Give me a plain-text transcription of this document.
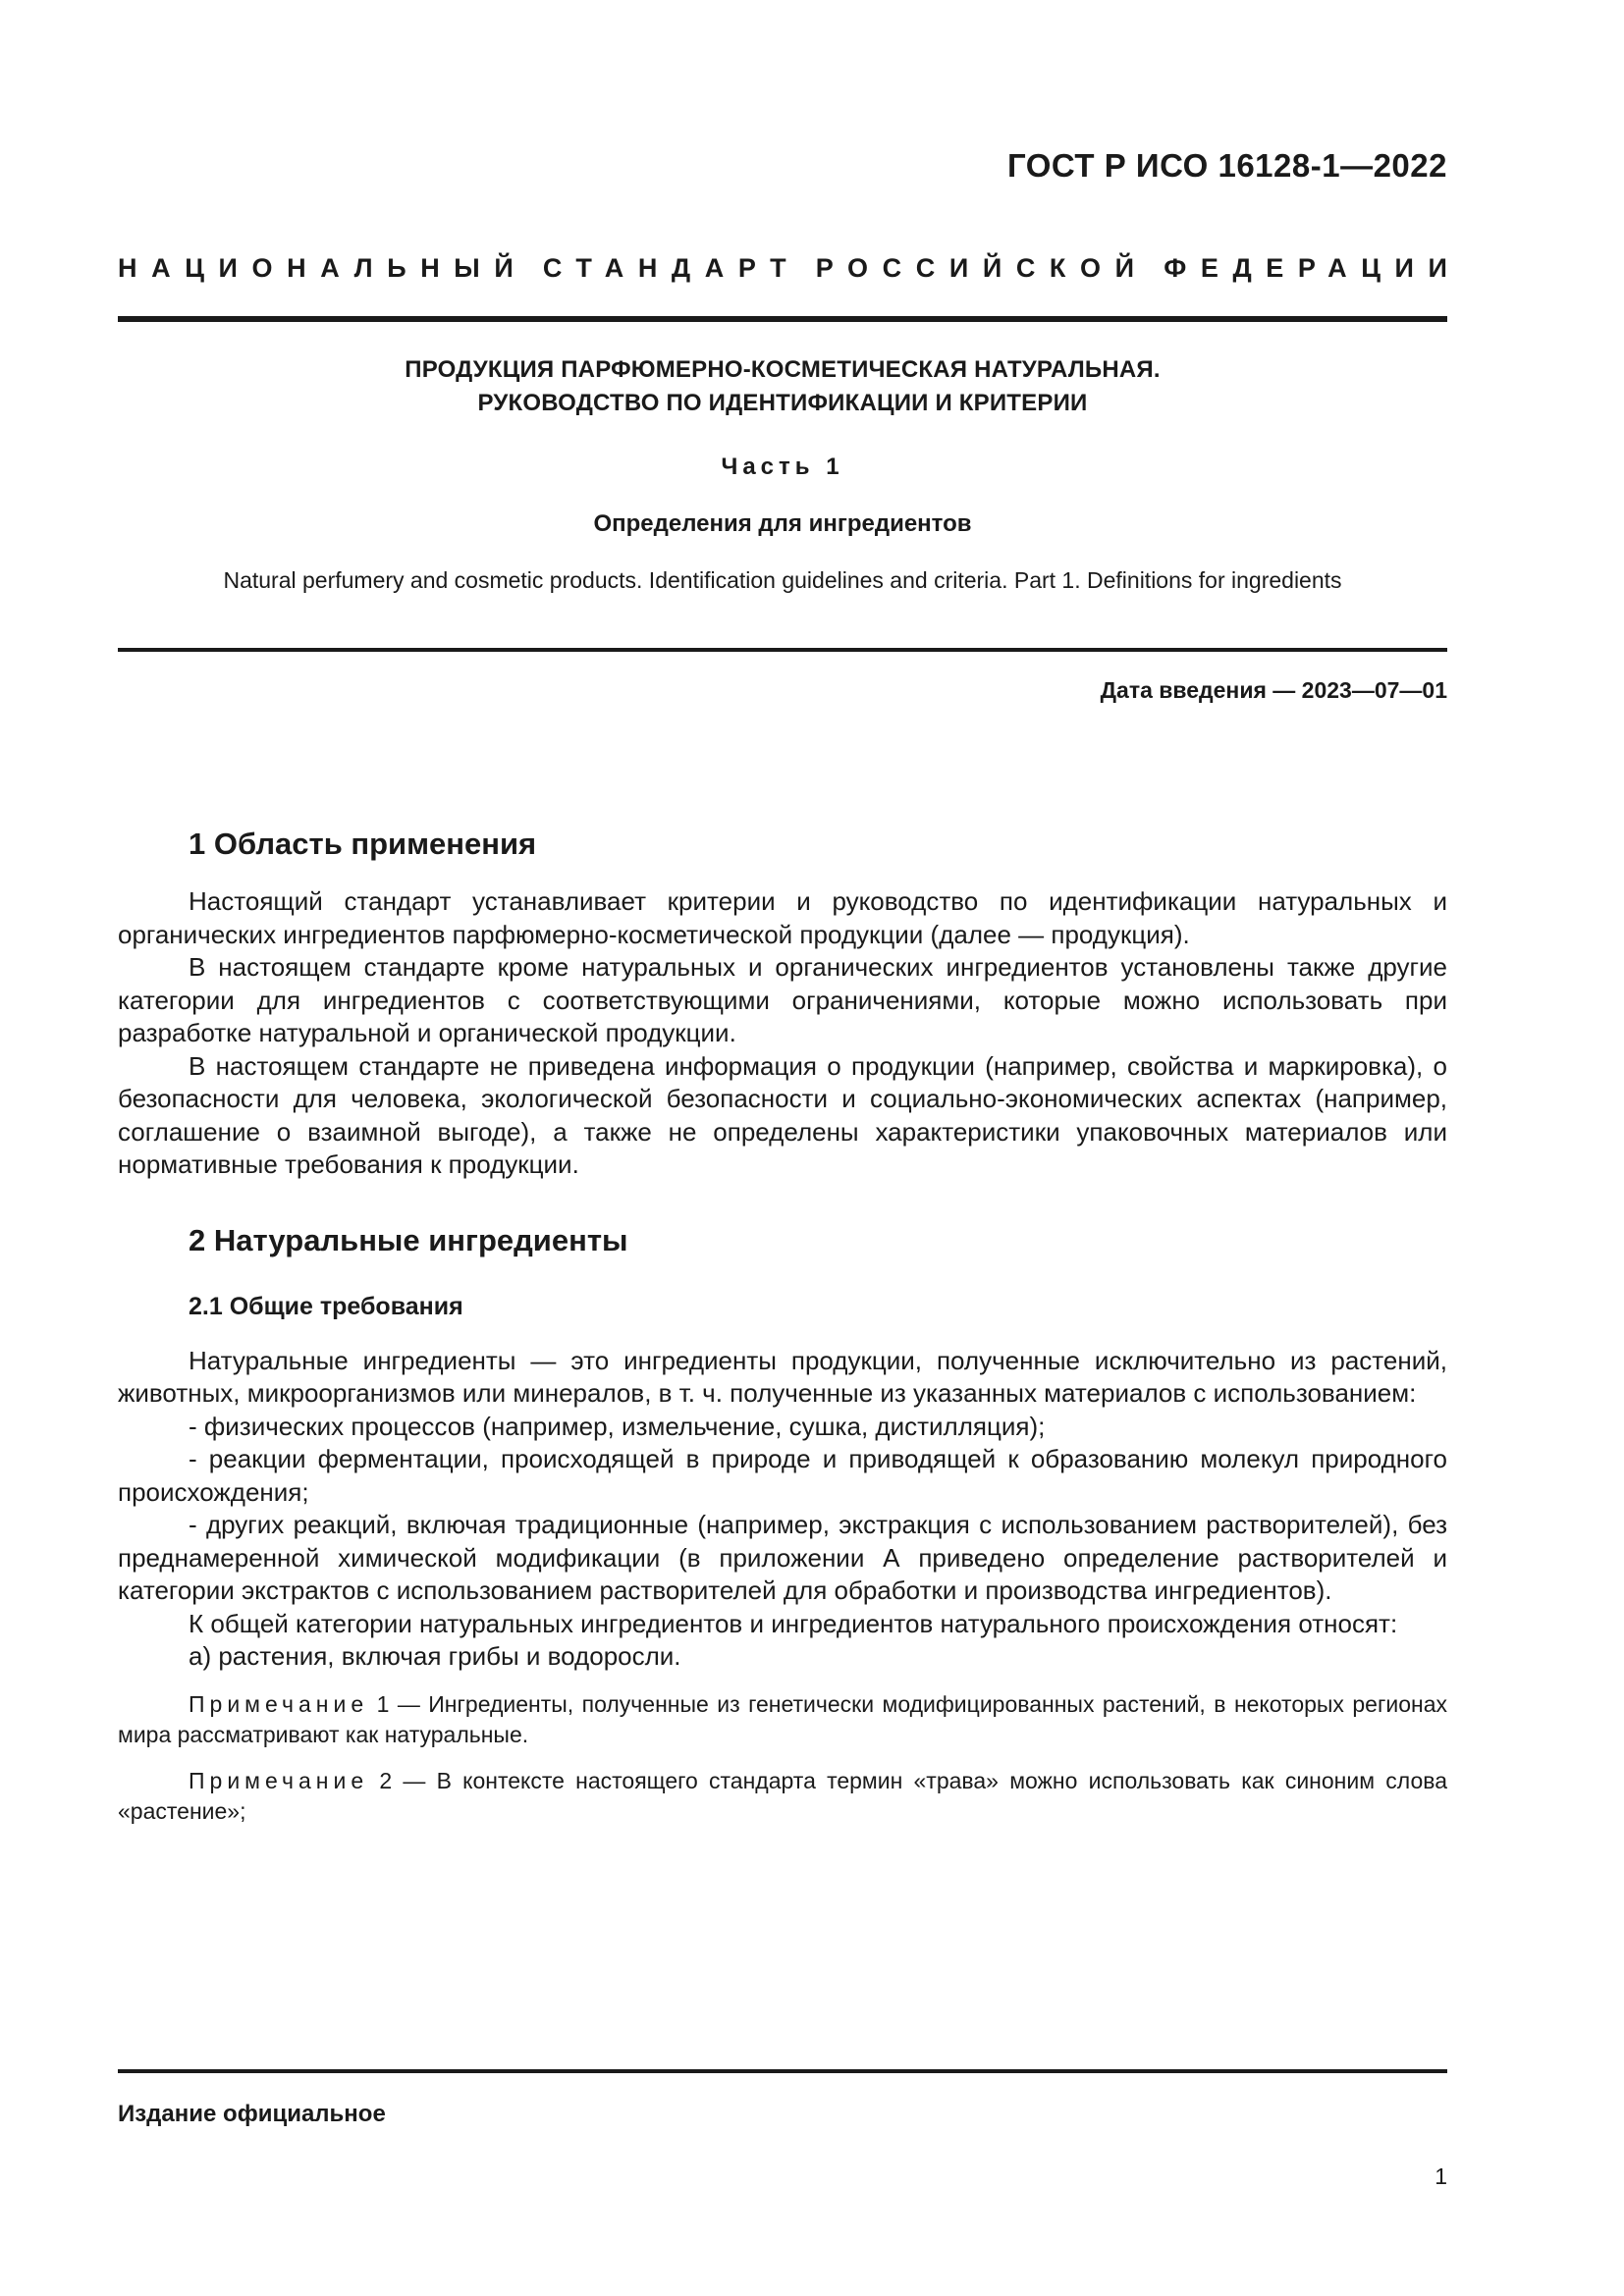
ГОСТ Р ИСО 16128-1—2022
НАЦИОНАЛЬНЫЙ СТАНДАРТ РОССИЙСКОЙ ФЕДЕРАЦИИ
ПРОДУКЦИЯ ПАРФЮМЕРНО-КОСМЕТИЧЕСКАЯ НАТУРАЛЬНАЯ.
РУКОВОДСТВО ПО ИДЕНТИФИКАЦИИ И КРИТЕРИИ
Часть 1
Определения для ингредиентов
Natural perfumery and cosmetic products. Identification guidelines and criteria. Part 1. Definitions for ingredients
Дата введения — 2023—07—01
1 Область применения

Настоящий стандарт устанавливает критерии и руководство по идентификации натуральных и органических ингредиентов парфюмерно-косметической продукции (далее — продукция).

В настоящем стандарте кроме натуральных и органических ингредиентов установлены также другие категории для ингредиентов с соответствующими ограничениями, которые можно использовать при разработке натуральной и органической продукции.

В настоящем стандарте не приведена информация о продукции (например, свойства и маркировка), о безопасности для человека, экологической безопасности и социально-экономических аспектах (например, соглашение о взаимной выгоде), а также не определены характеристики упаковочных материалов или нормативные требования к продукции.

2 Натуральные ингредиенты
2.1 Общие требования

Натуральные ингредиенты — это ингредиенты продукции, полученные исключительно из растений, животных, микроорганизмов или минералов, в т. ч. полученные из указанных материалов с использованием:

- физических процессов (например, измельчение, сушка, дистилляция);

- реакции ферментации, происходящей в природе и приводящей к образованию молекул природного происхождения;

- других реакций, включая традиционные (например, экстракция с использованием растворителей), без преднамеренной химической модификации (в приложении А приведено определение растворителей и категории экстрактов с использованием растворителей для обработки и производства ингредиентов).

К общей категории натуральных ингредиентов и ингредиентов натурального происхождения относят:

а) растения, включая грибы и водоросли.

Примечание 1 — Ингредиенты, полученные из генетически модифицированных растений, в некоторых регионах мира рассматривают как натуральные.

Примечание 2 — В контексте настоящего стандарта термин «трава» можно использовать как синоним слова «растение»;

Издание официальное
1
